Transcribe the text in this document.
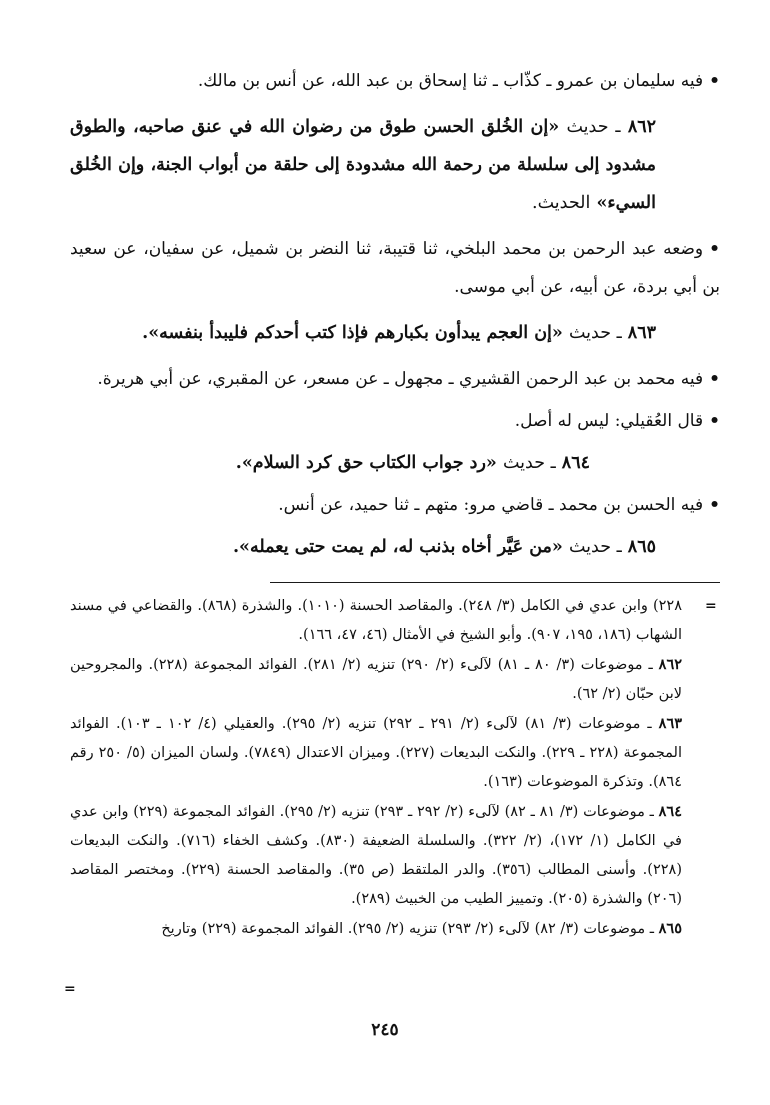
•فيه سليمان بن عمرو ـ كذّاب ـ ثنا إسحاق بن عبد الله، عن أنس بن مالك.

٨٦٢ ـ حديث «إن الخُلق الحسن طوق من رضوان الله في عنق صاحبه، والطوق مشدود إلى سلسلة من رحمة الله مشدودة إلى حلقة من أبواب الجنة، وإن الخُلق السيء» الحديث.

•وضعه عبد الرحمن بن محمد البلخي، ثنا قتيبة، ثنا النضر بن شميل، عن سفيان، عن سعيد بن أبي بردة، عن أبيه، عن أبي موسى.

٨٦٣ ـ حديث «إن العجم يبدأون بكبارهم فإذا كتب أحدكم فليبدأ بنفسه».

•فيه محمد بن عبد الرحمن القشيري ـ مجهول ـ عن مسعر، عن المقبري، عن أبي هريرة.

•قال العُقيلي: ليس له أصل.

٨٦٤ ـ حديث «رد جواب الكتاب حق كرد السلام».

•فيه الحسن بن محمد ـ قاضي مرو: متهم ـ ثنا حميد، عن أنس.

٨٦٥ ـ حديث «من عَيَّر أخاه بذنب له، لم يمت حتى يعمله».

=

٢٢٨) وابن عدي في الكامل (٣/ ٢٤٨). والمقاصد الحسنة (١٠١٠). والشذرة (٨٦٨). والقضاعي في مسند الشهاب (١٨٦، ١٩٥، ٩٠٧). وأبو الشيخ في الأمثال (٤٦، ٤٧، ١٦٦).

٨٦٢ ـ موضوعات (٣/ ٨٠ ـ ٨١) لآلىء (٢/ ٢٩٠) تنزيه (٢/ ٢٨١). الفوائد المجموعة (٢٢٨). والمجروحين لابن حبّان (٢/ ٦٢).

٨٦٣ ـ موضوعات (٣/ ٨١) لآلىء (٢/ ٢٩١ ـ ٢٩٢) تنزيه (٢/ ٢٩٥). والعقيلي (٤/ ١٠٢ ـ ١٠٣). الفوائد المجموعة (٢٢٨ ـ ٢٢٩). والنكت البديعات (٢٢٧). وميزان الاعتدال (٧٨٤٩). ولسان الميزان (٥/ ٢٥٠ رقم ٨٦٤). وتذكرة الموضوعات (١٦٣).

٨٦٤ ـ موضوعات (٣/ ٨١ ـ ٨٢) لآلىء (٢/ ٢٩٢ ـ ٢٩٣) تنزيه (٢/ ٢٩٥). الفوائد المجموعة (٢٢٩) وابن عدي في الكامل (١/ ١٧٢)، (٢/ ٣٢٢). والسلسلة الضعيفة (٨٣٠). وكشف الخفاء (٧١٦). والنكت البديعات (٢٢٨). وأسنى المطالب (٣٥٦). والدر الملتقط (ص ٣٥). والمقاصد الحسنة (٢٢٩). ومختصر المقاصد (٢٠٦) والشذرة (٢٠٥). وتمييز الطيب من الخبيث (٢٨٩).

٨٦٥ ـ موضوعات (٣/ ٨٢) لآلىء (٢/ ٢٩٣) تنزيه (٢/ ٢٩٥). الفوائد المجموعة (٢٢٩) وتاريخ

=
٢٤٥
